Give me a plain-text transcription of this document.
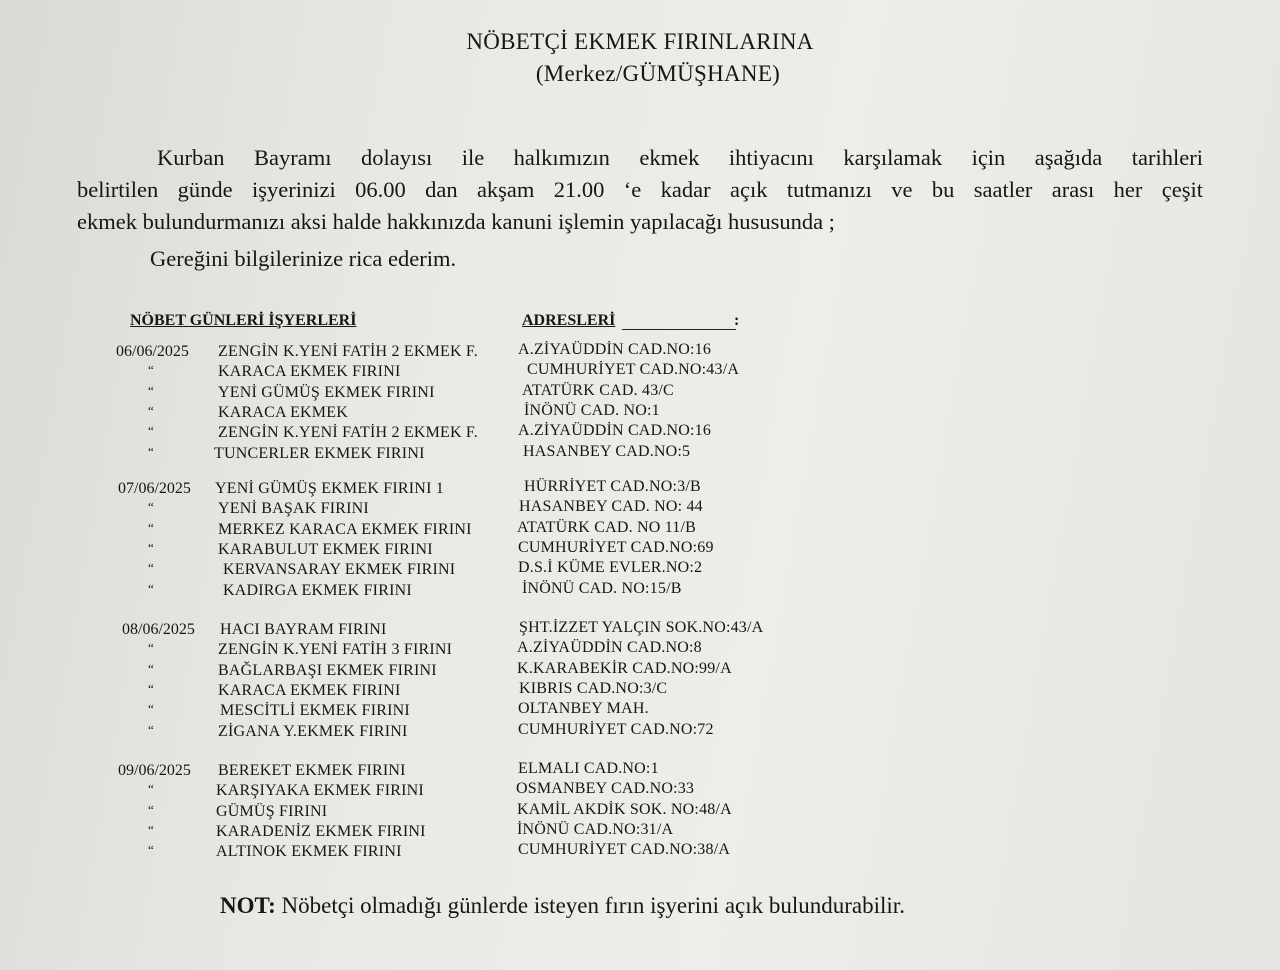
NÖBETÇİ EKMEK FIRINLARINA
(Merkez/GÜMÜŞHANE)
Kurban Bayramı dolayısı ile halkımızın ekmek ihtiyacını karşılamak için aşağıda tarihleri
belirtilen günde işyerinizi 06.00 dan akşam 21.00 ‘e kadar açık tutmanızı ve bu saatler arası her çeşit
ekmek bulundurmanızı aksi halde hakkınızda kanuni işlemin yapılacağı hususunda ;
Gereğini bilgilerinize rica ederim.
NÖBET GÜNLERİ İŞYERLERİ	ADRESLERİ	:
06/06/2025 ZENGİN K.YENİ FATİH 2 EKMEK F.	A.ZİYAÜDDİN CAD.NO:16
“	KARACA EKMEK FIRINI	CUMHURİYET CAD.NO:43/A
“	YENİ GÜMÜŞ EKMEK FIRINI	ATATÜRK CAD. 43/C
“	KARACA EKMEK	İNÖNÜ CAD. NO:1
“	ZENGİN K.YENİ FATİH 2 EKMEK F.	A.ZİYAÜDDİN CAD.NO:16
“	TUNCERLER EKMEK FIRINI	HASANBEY CAD.NO:5
07/06/2025 YENİ GÜMÜŞ EKMEK FIRINI 1	HÜRRİYET CAD.NO:3/B
“	YENİ BAŞAK FIRINI	HASANBEY CAD. NO: 44
“	MERKEZ KARACA EKMEK FIRINI	ATATÜRK CAD. NO 11/B
“	KARABULUT EKMEK FIRINI	CUMHURİYET CAD.NO:69
“	KERVANSARAY EKMEK FIRINI	D.S.İ KÜME EVLER.NO:2
“	KADIRGA EKMEK FIRINI	İNÖNÜ CAD. NO:15/B
08/06/2025 HACI BAYRAM FIRINI	ŞHT.İZZET YALÇIN SOK.NO:43/A
“	ZENGİN K.YENİ FATİH 3 FIRINI	A.ZİYAÜDDİN CAD.NO:8
“	BAĞLARBAŞI EKMEK FIRINI	K.KARABEKİR CAD.NO:99/A
“	KARACA EKMEK FIRINI	KIBRIS CAD.NO:3/C
“	MESCİTLİ EKMEK FIRINI	OLTANBEY MAH.
“	ZİGANA Y.EKMEK FIRINI	CUMHURİYET CAD.NO:72
09/06/2025 BEREKET EKMEK FIRINI	ELMALI CAD.NO:1
“	KARŞIYAKA EKMEK FIRINI	OSMANBEY CAD.NO:33
“	GÜMÜŞ FIRINI	KAMİL AKDİK SOK. NO:48/A
“	KARADENİZ EKMEK FIRINI	İNÖNÜ CAD.NO:31/A
“	ALTINOK EKMEK FIRINI	CUMHURİYET CAD.NO:38/A
NOT: Nöbetçi olmadığı günlerde isteyen fırın işyerini açık bulundurabilir.
